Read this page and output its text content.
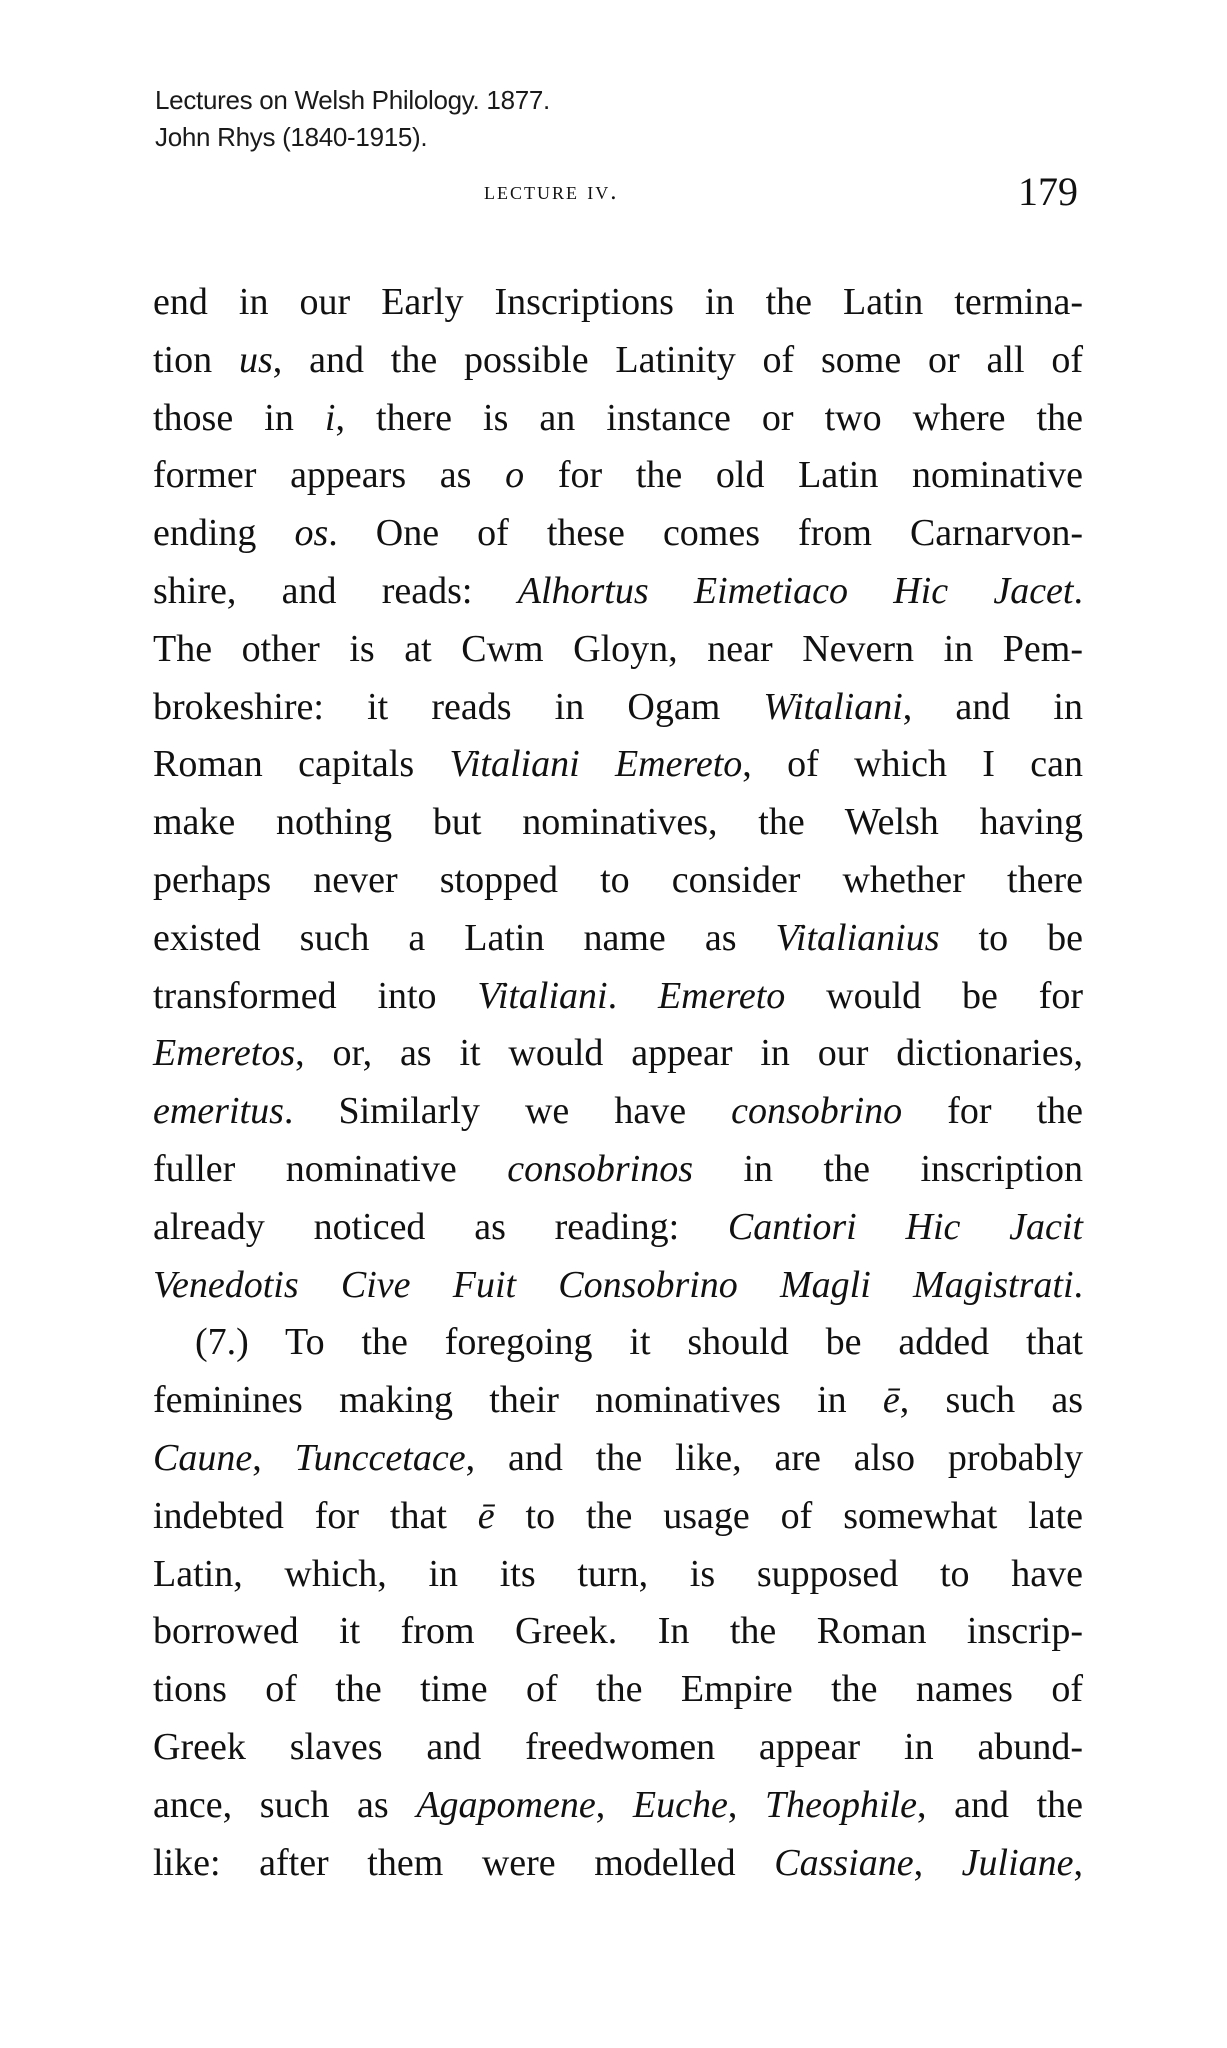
Lectures on Welsh Philology. 1877.
John Rhys (1840-1915).
lecture iv.	179
end in our Early Inscriptions in the Latin termina-
tion us, and the possible Latinity of some or all of
those in i, there is an instance or two where the
former appears as o for the old Latin nominative
ending os. One of these comes from Carnarvon-
shire, and reads: Alhortus Eimetiaco Hic Jacet.
The other is at Cwm Gloyn, near Nevern in Pem-
brokeshire: it reads in Ogam Witaliani, and in
Roman capitals Vitaliani Emereto, of which I can
make nothing but nominatives, the Welsh having
perhaps never stopped to consider whether there
existed such a Latin name as Vitalianius to be
transformed into Vitaliani. Emereto would be for
Emeretos, or, as it would appear in our dictionaries,
emeritus. Similarly we have consobrino for the
fuller nominative consobrinos in the inscription
already noticed as reading: Cantiori Hic Jacit
Venedotis Cive Fuit Consobrino Magli Magistrati.
(7.) To the foregoing it should be added that
feminines making their nominatives in ē, such as
Caune, Tunccetace, and the like, are also probably
indebted for that ē to the usage of somewhat late
Latin, which, in its turn, is supposed to have
borrowed it from Greek. In the Roman inscrip-
tions of the time of the Empire the names of
Greek slaves and freedwomen appear in abund-
ance, such as Agapomene, Euche, Theophile, and the
like: after them were modelled Cassiane, Juliane,
